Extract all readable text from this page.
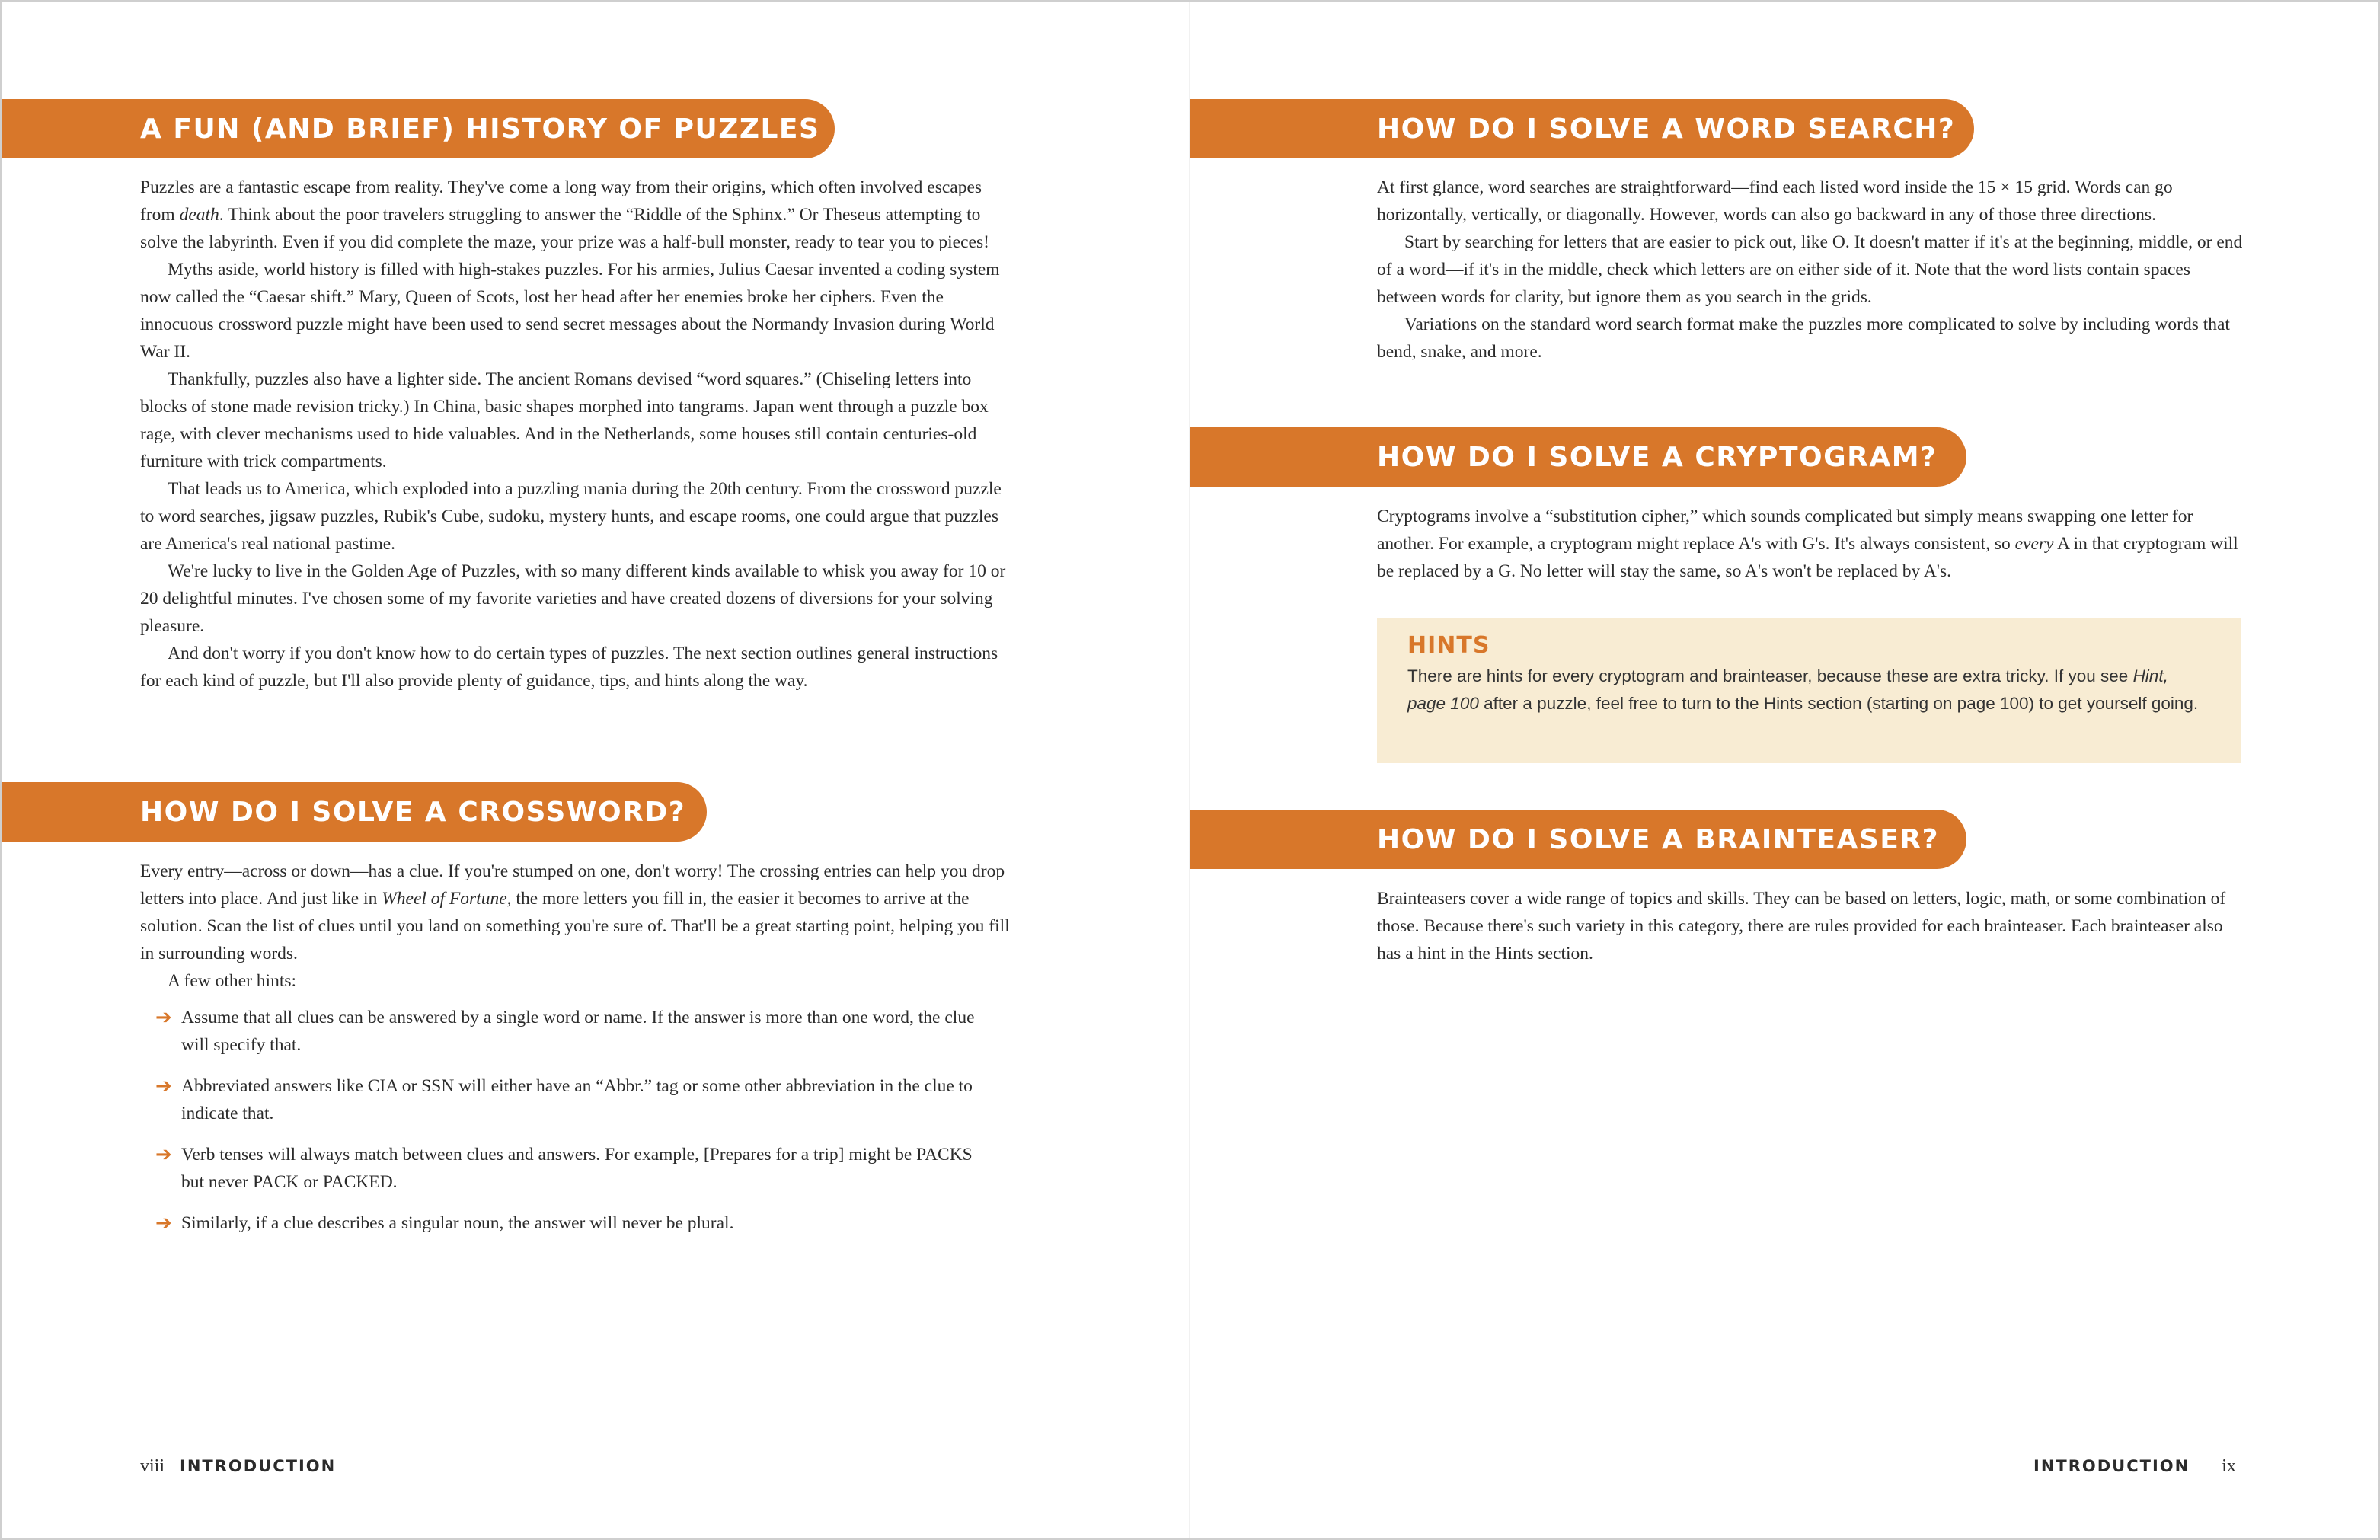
A FUN (AND BRIEF) HISTORY OF PUZZLES

Puzzles are a fantastic escape from reality. They've come a long way from their origins, which often involved escapes from death. Think about the poor travelers struggling to answer the “Riddle of the Sphinx.” Or Theseus attempting to solve the labyrinth. Even if you did complete the maze, your prize was a half-bull monster, ready to tear you to pieces!

Myths aside, world history is filled with high-stakes puzzles. For his armies, Julius Caesar invented a coding system now called the “Caesar shift.” Mary, Queen of Scots, lost her head after her enemies broke her ciphers. Even the innocuous crossword puzzle might have been used to send secret messages about the Normandy Invasion during World War II.

Thankfully, puzzles also have a lighter side. The ancient Romans devised “word squares.” (Chiseling letters into blocks of stone made revision tricky.) In China, basic shapes morphed into tangrams. Japan went through a puzzle box rage, with clever mechanisms used to hide valuables. And in the Netherlands, some houses still contain centuries-old furniture with trick compartments.

That leads us to America, which exploded into a puzzling mania during the 20th century. From the crossword puzzle to word searches, jigsaw puzzles, Rubik's Cube, sudoku, mystery hunts, and escape rooms, one could argue that puzzles are America's real national pastime.

We're lucky to live in the Golden Age of Puzzles, with so many different kinds available to whisk you away for 10 or 20 delightful minutes. I've chosen some of my favorite varieties and have created dozens of diversions for your solving pleasure.

And don't worry if you don't know how to do certain types of puzzles. The next section outlines general instructions for each kind of puzzle, but I'll also provide plenty of guidance, tips, and hints along the way.

HOW DO I SOLVE A CROSSWORD?

Every entry—across or down—has a clue. If you're stumped on one, don't worry! The crossing entries can help you drop letters into place. And just like in Wheel of Fortune, the more letters you fill in, the easier it becomes to arrive at the solution. Scan the list of clues until you land on something you're sure of. That'll be a great starting point, helping you fill in surrounding words.

A few other hints:

➔ Assume that all clues can be answered by a single word or name. If the answer is more than one word, the clue will specify that.
➔ Abbreviated answers like CIA or SSN will either have an “Abbr.” tag or some other abbreviation in the clue to indicate that.
➔ Verb tenses will always match between clues and answers. For example, [Prepares for a trip] might be PACKS but never PACK or PACKED.
➔ Similarly, if a clue describes a singular noun, the answer will never be plural.
viii INTRODUCTION
HOW DO I SOLVE A WORD SEARCH?

At first glance, word searches are straightforward—find each listed word inside the 15 × 15 grid. Words can go horizontally, vertically, or diagonally. However, words can also go backward in any of those three directions.

Start by searching for letters that are easier to pick out, like O. It doesn't matter if it's at the beginning, middle, or end of a word—if it's in the middle, check which letters are on either side of it. Note that the word lists contain spaces between words for clarity, but ignore them as you search in the grids.

Variations on the standard word search format make the puzzles more complicated to solve by including words that bend, snake, and more.

HOW DO I SOLVE A CRYPTOGRAM?

Cryptograms involve a “substitution cipher,” which sounds complicated but simply means swapping one letter for another. For example, a cryptogram might replace A's with G's. It's always consistent, so every A in that cryptogram will be replaced by a G. No letter will stay the same, so A's won't be replaced by A's.

HOW DO I SOLVE A BRAINTEASER?

Brainteasers cover a wide range of topics and skills. They can be based on letters, logic, math, or some combination of those. Because there's such variety in this category, there are rules provided for each brainteaser. Each brainteaser also has a hint in the Hints section.

INTRODUCTION ix
HINTS

There are hints for every cryptogram and brainteaser, because these are extra tricky. If you see Hint, page 100 after a puzzle, feel free to turn to the Hints section (starting on page 100) to get yourself going.
